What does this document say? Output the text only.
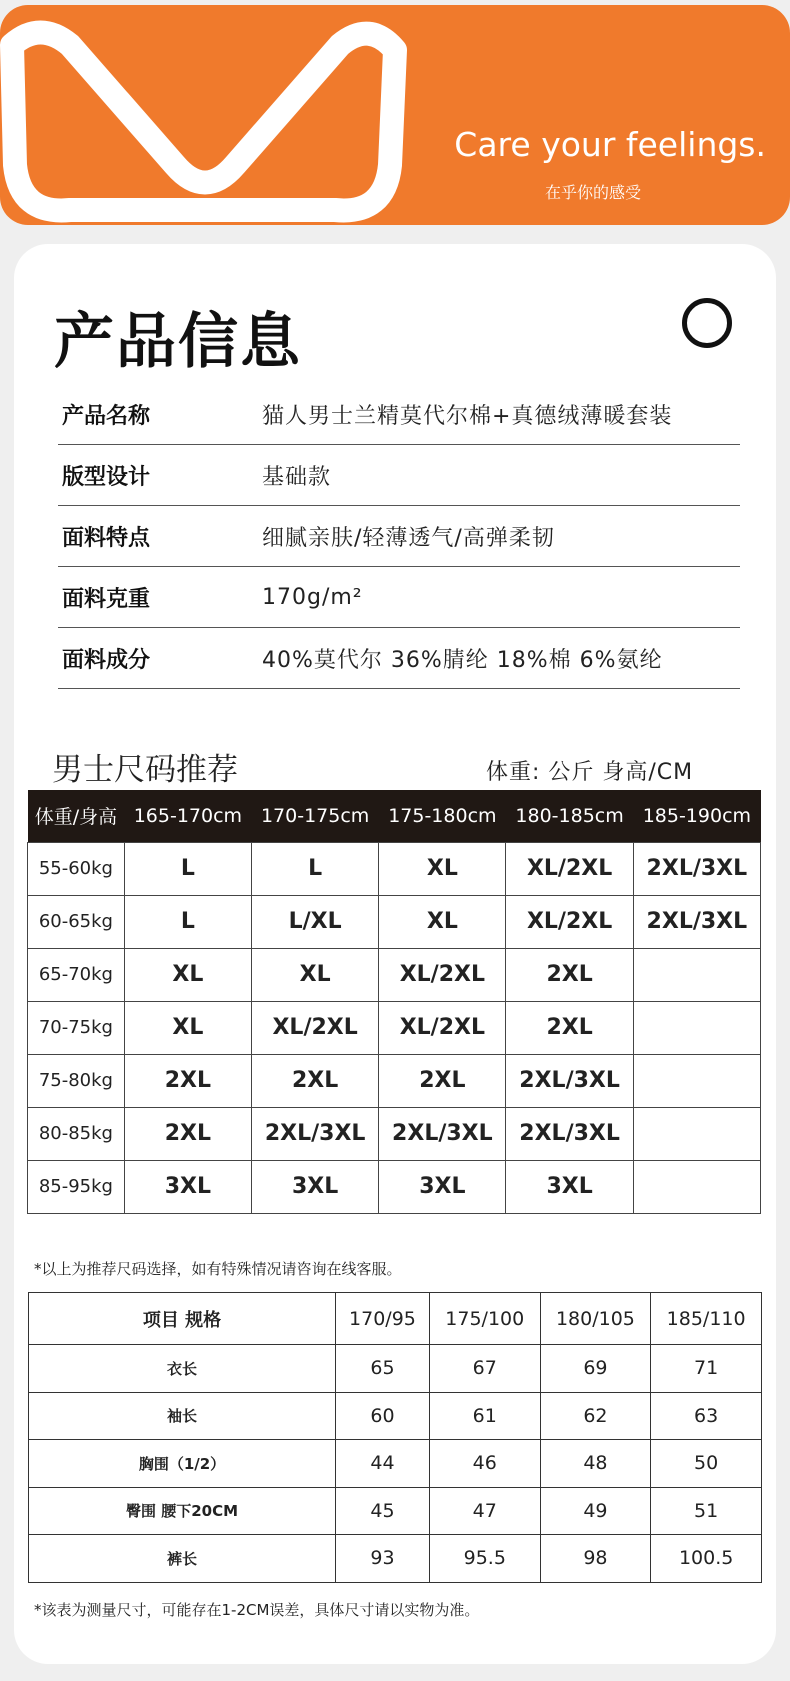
Care your feelings.
在乎你的感受
产品信息
产品名称	猫人男士兰精莫代尔棉+真德绒薄暖套装
版型设计	基础款
面料特点	细腻亲肤/轻薄透气/高弹柔韧
面料克重	170g/m²
面料成分	40%莫代尔 36%腈纶 18%棉 6%氨纶
男士尺码推荐	体重: 公斤 身高/CM
体重/身高	165-170cm	170-175cm	175-180cm	180-185cm	185-190cm
55-60kg	L	L	XL	XL/2XL	2XL/3XL
60-65kg	L	L/XL	XL	XL/2XL	2XL/3XL
65-70kg	XL	XL	XL/2XL	2XL	
70-75kg	XL	XL/2XL	XL/2XL	2XL	
75-80kg	2XL	2XL	2XL	2XL/3XL	
80-85kg	2XL	2XL/3XL	2XL/3XL	2XL/3XL	
85-95kg	3XL	3XL	3XL	3XL	
*以上为推荐尺码选择，如有特殊情况请咨询在线客服。
项目 规格	170/95	175/100	180/105	185/110
衣长	65	67	69	71
袖长	60	61	62	63
胸围（1/2）	44	46	48	50
臀围 腰下20CM	45	47	49	51
裤长	93	95.5	98	100.5
*该表为测量尺寸，可能存在1-2CM误差，具体尺寸请以实物为准。
